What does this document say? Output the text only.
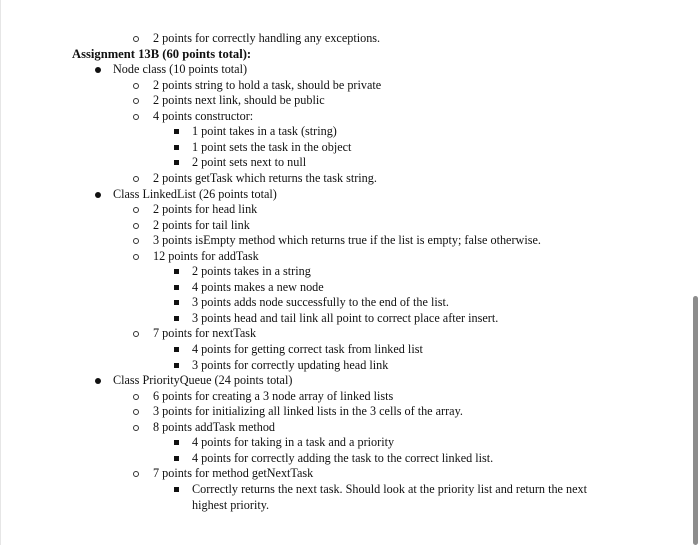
2 points for correctly handling any exceptions.
Assignment 13B (60 points total):
Node class (10 points total)
2 points string to hold a task, should be private
2 points next link, should be public
4 points constructor:
1 point takes in a task (string)
1 point sets the task in the object
2 point sets next to null
2 points getTask which returns the task string.
Class LinkedList (26 points total)
2 points for head link
2 points for tail link
3 points isEmpty method which returns true if the list is empty; false otherwise.
12 points for addTask
2 points takes in a string
4 points makes a new node
3 points adds node successfully to the end of the list.
3 points head and tail link all point to correct place after insert.
7 points for nextTask
4 points for getting correct task from linked list
3 points for correctly updating head link
Class PriorityQueue (24 points total)
6 points for creating a 3 node array of linked lists
3 points for initializing all linked lists in the 3 cells of the array.
8 points addTask method
4 points for taking in a task and a priority
4 points for correctly adding the task to the correct linked list.
7 points for method getNextTask
Correctly returns the next task. Should look at the priority list and return the next
highest priority.
